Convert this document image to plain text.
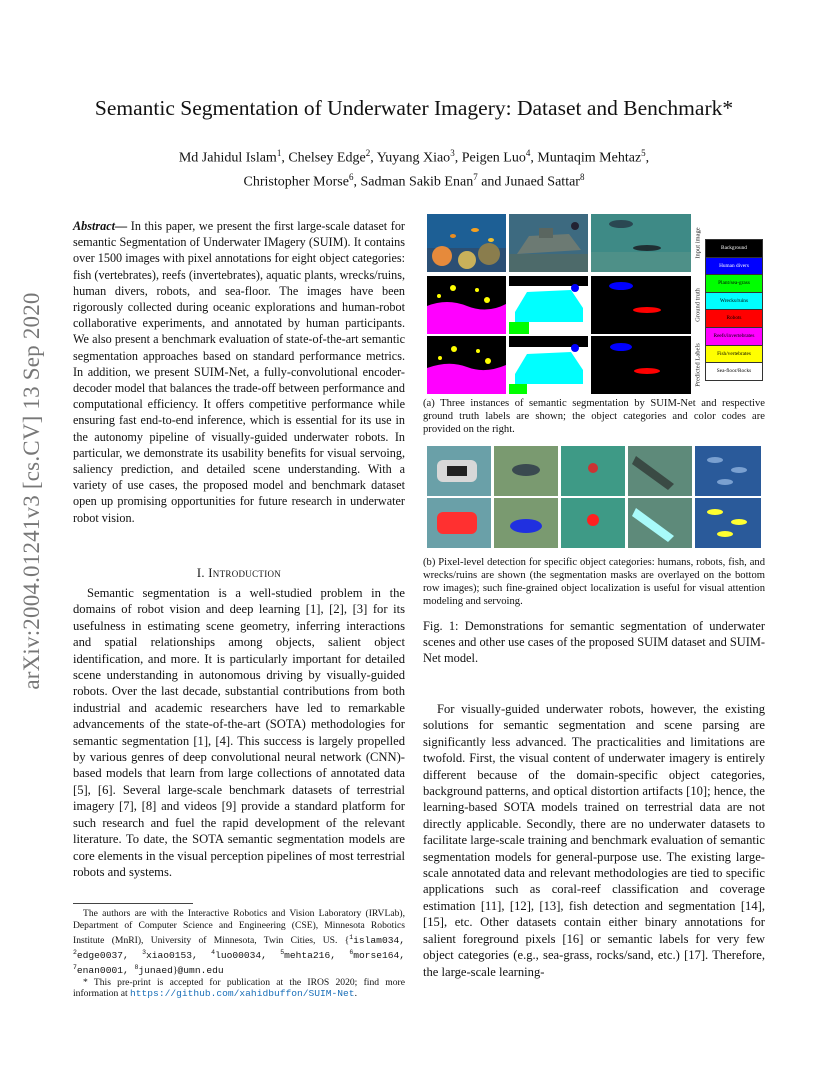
arXiv:2004.01241v3 [cs.CV] 13 Sep 2020
Semantic Segmentation of Underwater Imagery: Dataset and Benchmark*
Md Jahidul Islam$^1$, Chelsey Edge$^2$, Yuyang Xiao$^3$, Peigen Luo$^4$, Muntaqim Mehtaz$^5$,
Christopher Morse$^6$, Sadman Sakib Enan$^7$ and Junaed Sattar$^8$

Abstract— In this paper, we present the first large-scale dataset for semantic Segmentation of Underwater IMagery (SUIM). It contains over 1500 images with pixel annotations for eight object categories: fish (vertebrates), reefs (invertebrates), aquatic plants, wrecks/ruins, human divers, robots, and sea-floor. The images have been rigorously collected during oceanic explorations and human-robot collaborative experiments, and annotated by human participants. We also present a benchmark evaluation of state-of-the-art semantic segmentation approaches based on standard performance metrics. In addition, we present SUIM-Net, a fully-convolutional encoder-decoder model that balances the trade-off between performance and computational efficiency. It offers competitive performance while ensuring fast end-to-end inference, which is essential for its use in the autonomy pipeline of visually-guided underwater robots. In particular, we demonstrate its usability benefits for visual servoing, saliency prediction, and detailed scene understanding. With a variety of use cases, the proposed model and benchmark dataset open up promising opportunities for future research in underwater robot vision.

I. Introduction

Semantic segmentation is a well-studied problem in the domains of robot vision and deep learning [1], [2], [3] for its usefulness in estimating scene geometry, inferring interactions and spatial relationships among objects, salient object identification, and more. It is particularly important for detailed scene understanding in autonomous driving by visually-guided robots. Over the last decade, substantial contributions from both industrial and academic researchers have led to remarkable advancements of the state-of-the-art (SOTA) methodologies for semantic segmentation [1], [4]. This success is largely propelled by various genres of deep convolutional neural network (CNN)-based models that learn from large collections of annotated data [5], [6]. Several large-scale benchmark datasets of terrestrial imagery [7], [8] and videos [9] provide a standard platform for such research and fuel the rapid development of the relevant literature. To date, the SOTA semantic segmentation models are core elements in the visual perception pipelines of most terrestrial robots and systems.

The authors are with the Interactive Robotics and Vision Laboratory (IRVLab), Department of Computer Science and Engineering (CSE), Minnesota Robotics Institute (MnRI), University of Minnesota, Twin Cities, US. {$^1$islam034, $^2$edge0037, $^3$xiao0153, $^4$luo00034, $^5$mehta216, $^6$morse164, $^7$enan0001, $^8$junaed}@umn.edu

* This pre-print is accepted for publication at the IROS 2020; find more information at https://github.com/xahidbuffon/SUIM-Net.

Input image
Ground truth
Predicted Labels
Background
Human divers
Plant/sea-grass
Wrecks/ruins
Robots
Reefs/invertebrates
Fish/vertebrates
Sea-floor/Rocks
(a) Three instances of semantic segmentation by SUIM-Net and respective ground truth labels are shown; the object categories and color codes are provided on the right.
(b) Pixel-level detection for specific object categories: humans, robots, fish, and wrecks/ruins are shown (the segmentation masks are overlayed on the bottom row images); such fine-grained object localization is useful for visual attention modeling and servoing.
Fig. 1: Demonstrations for semantic segmentation of underwater scenes and other use cases of the proposed SUIM dataset and SUIM-Net model.

For visually-guided underwater robots, however, the existing solutions for semantic segmentation and scene parsing are significantly less advanced. The practicalities and limitations are twofold. First, the visual content of underwater imagery is entirely different because of the domain-specific object categories, background patterns, and optical distortion artifacts [10]; hence, the learning-based SOTA models trained on terrestrial data are not directly applicable. Secondly, there are no underwater datasets to facilitate large-scale training and benchmark evaluation of semantic segmentation models for general-purpose use. The existing large-scale annotated data and relevant methodologies are tied to specific applications such as coral-reef classification and coverage estimation [11], [12], [13], fish detection and segmentation [14], [15], etc. Other datasets contain either binary annotations for salient foreground pixels [16] or semantic labels for very few object categories (e.g., sea-grass, rocks/sand, etc.) [17]. Therefore, the large-scale learning-
